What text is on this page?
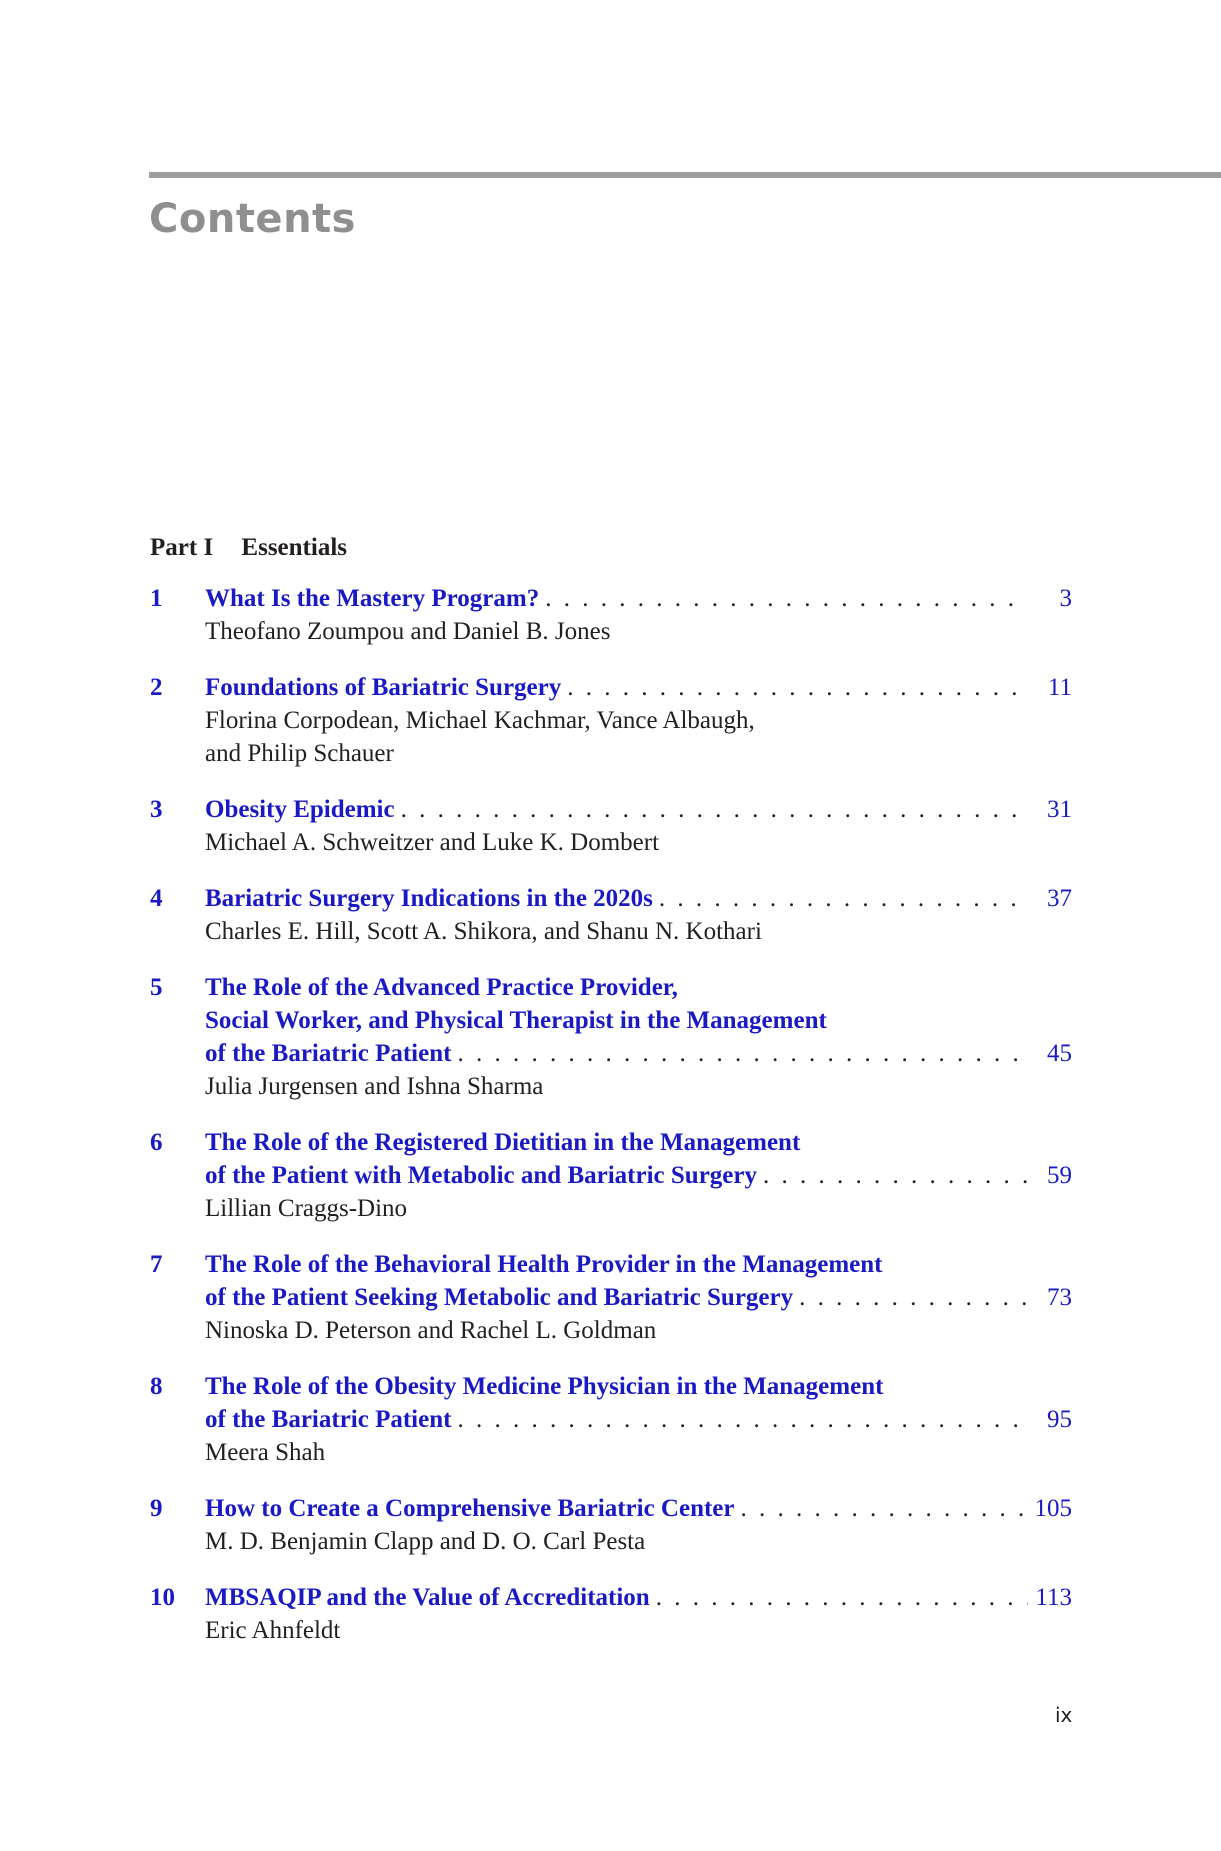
Contents
Part I Essentials
1 What Is the Mastery Program? . . .	3
Theofano Zoumpou and Daniel B. Jones
2 Foundations of Bariatric Surgery . . .	11
Florina Corpodean, Michael Kachmar, Vance Albaugh,
and Philip Schauer
3 Obesity Epidemic . . .	31
Michael A. Schweitzer and Luke K. Dombert
4 Bariatric Surgery Indications in the 2020s . . .	37
Charles E. Hill, Scott A. Shikora, and Shanu N. Kothari
5 The Role of the Advanced Practice Provider,
Social Worker, and Physical Therapist in the Management
of the Bariatric Patient . . .	45
Julia Jurgensen and Ishna Sharma
6 The Role of the Registered Dietitian in the Management
of the Patient with Metabolic and Bariatric Surgery . . .	59
Lillian Craggs-Dino
7 The Role of the Behavioral Health Provider in the Management
of the Patient Seeking Metabolic and Bariatric Surgery . . .	73
Ninoska D. Peterson and Rachel L. Goldman
8 The Role of the Obesity Medicine Physician in the Management
of the Bariatric Patient . . .	95
Meera Shah
9 How to Create a Comprehensive Bariatric Center . . .	105
M. D. Benjamin Clapp and D. O. Carl Pesta
10 MBSAQIP and the Value of Accreditation . . .	113
Eric Ahnfeldt
ix
